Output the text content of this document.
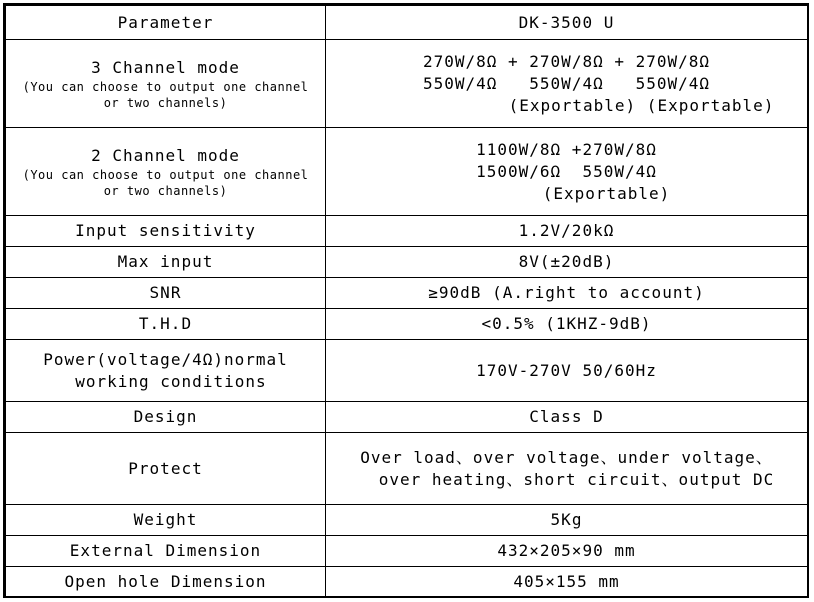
Parameter	DK-3500 U

3 Channel mode
(You can choose to output one channel
or two channels)	270W/8Ω + 270W/8Ω + 270W/8Ω
550W/4Ω   550W/4Ω   550W/4Ω
(Exportable) (Exportable)

2 Channel mode
(You can choose to output one channel
or two channels)	1100W/8Ω +270W/8Ω
1500W/6Ω  550W/4Ω
(Exportable)

Input sensitivity	1.2V/20kΩ
Max input	8V(±20dB)
SNR	≥90dB (A.right to account)
T.H.D	<0.5% (1KHZ-9dB)

Power(voltage/4Ω)normal
working conditions	170V-270V 50/60Hz
Design	Class D
Protect	Over load、over voltage、under voltage、
over heating、short circuit、output DC

Weight	5Kg
External Dimension	432×205×90 mm
Open hole Dimension	405×155 mm
